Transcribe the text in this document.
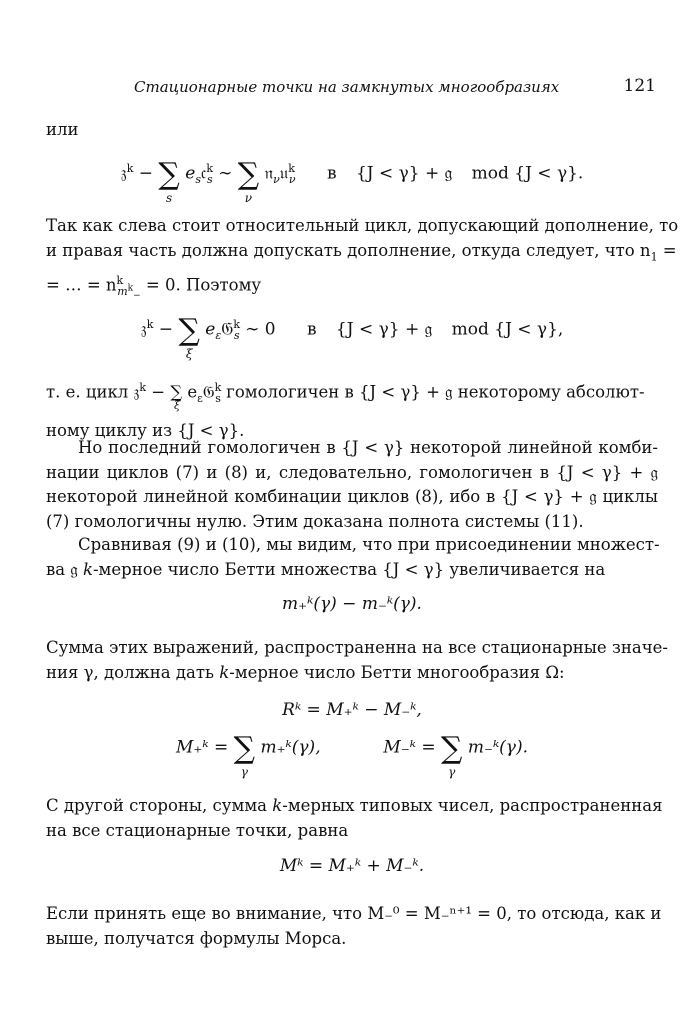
Стационарные точки на замкнутых многообразиях	121
или
𝔷$^k$ − ∑
s
$e_s𝔠^k_s$ ∼ ∑
ν
𝔫$_\nu$𝔲$^k_\nu$ в {J < γ} + 𝔤 mod {J < γ}.
Так как слева стоит относительный цикл, допускающий дополнение, то
и правая часть должна допускать дополнение, откуда следует, что $n_1$ =
= … = $n^k_{m^k_-} = 0$. Поэтому
𝔷$^k$ − ∑
ξ
$e_\varepsilon 𝔊^k_s$ ∼ 0 в {J < γ} + 𝔤 mod {J < γ},
т. е. цикл 𝔷$^k$ − ∑ $e_\varepsilon 𝔊^k_s$ гомологичен в {J < γ} + 𝔤 некоторому абсолют-
ξ
ному циклу из {J < γ}.
Но последний гомологичен в {J < γ} некоторой линейной комби-
нации циклов (7) и (8) и, следовательно, гомологичен в {J < γ} + 𝔤
некоторой линейной комбинации циклов (8), ибо в {J < γ} + 𝔤 циклы
(7) гомологичны нулю. Этим доказана полнота системы (11).
Сравнивая (9) и (10), мы видим, что при присоединении множест-
ва 𝔤 k-мерное число Бетти множества {J < γ} увеличивается на
m₊ᵏ(γ) − m₋ᵏ(γ).
Сумма этих выражений, распространенна на все стационарные значе-
ния γ, должна дать k-мерное число Бетти многообразия Ω:
Rᵏ = M₊ᵏ − M₋ᵏ,
M₊ᵏ = ∑
γ
m₊ᵏ(γ),	M₋ᵏ = ∑
γ
m₋ᵏ(γ).
С другой стороны, сумма k-мерных типовых чисел, распространенная
на все стационарные точки, равна
Mᵏ = M₊ᵏ + M₋ᵏ.
Если принять еще во внимание, что M₋⁰ = M₋ⁿ⁺¹ = 0, то отсюда, как и
выше, получатся формулы Морса.
